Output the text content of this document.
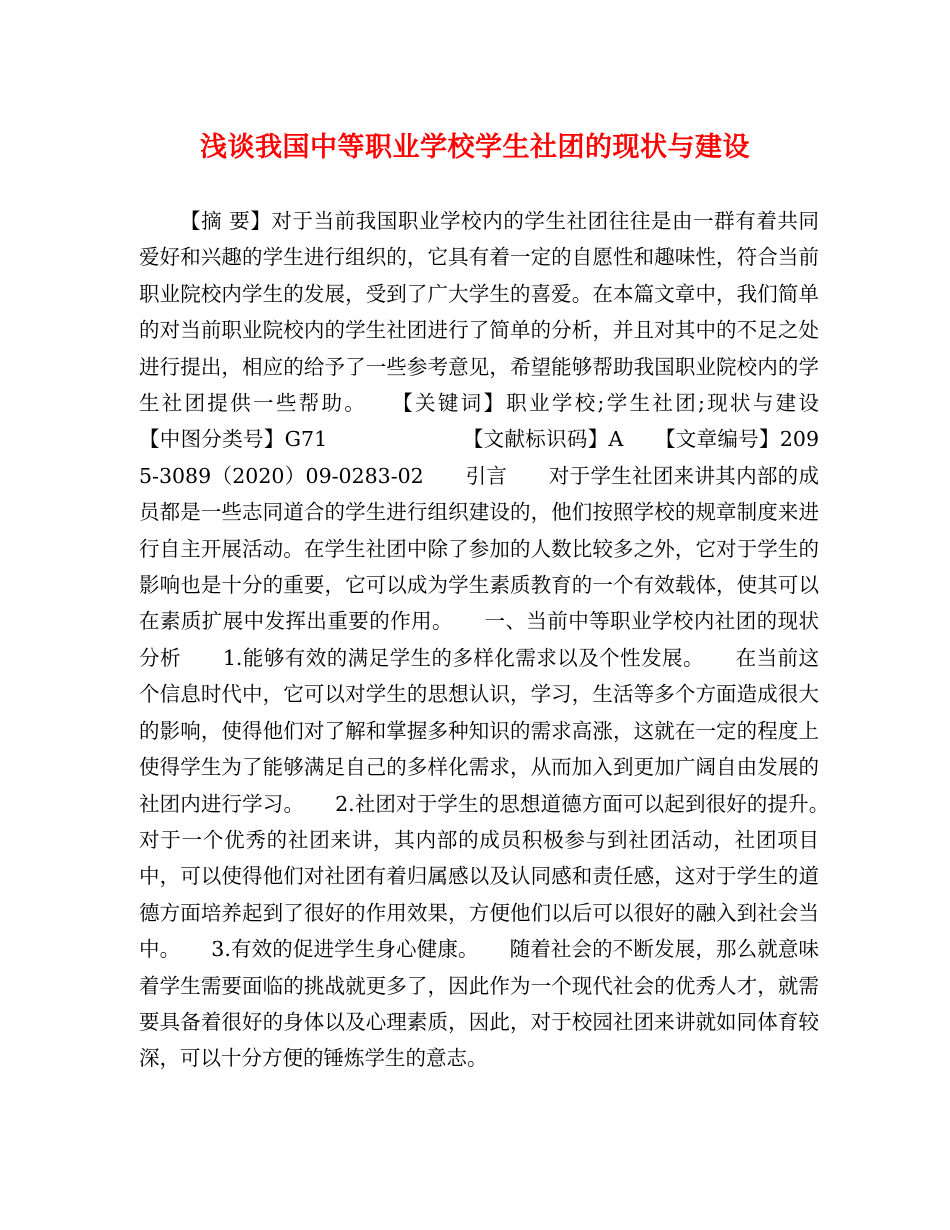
浅谈我国中等职业学校学生社团的现状与建设

【摘 要】对于当前我国职业学校内的学生社团往往是由一群有着共同爱好和兴趣的学生进行组织的，它具有着一定的自愿性和趣味性，符合当前职业院校内学生的发展，受到了广大学生的喜爱。在本篇文章中，我们简单的对当前职业院校内的学生社团进行了简单的分析，并且对其中的不足之处进行提出，相应的给予了一些参考意见，希望能够帮助我国职业院校内的学生社团提供一些帮助。　　【关键词】职业学校;学生社团;现状与建设　　【中图分类号】G71　　　　　　　【文献标识码】A　　【文章编号】2095-3089（2020）09-0283-02　　引言　　对于学生社团来讲其内部的成员都是一些志同道合的学生进行组织建设的，他们按照学校的规章制度来进行自主开展活动。在学生社团中除了参加的人数比较多之外，它对于学生的影响也是十分的重要，它可以成为学生素质教育的一个有效载体，使其可以在素质扩展中发挥出重要的作用。　　一、当前中等职业学校内社团的现状分析　　1.能够有效的满足学生的多样化需求以及个性发展。　　在当前这个信息时代中，它可以对学生的思想认识，学习，生活等多个方面造成很大的影响，使得他们对了解和掌握多种知识的需求高涨，这就在一定的程度上使得学生为了能够满足自己的多样化需求，从而加入到更加广阔自由发展的社团内进行学习。　　2.社团对于学生的思想道德方面可以起到很好的提升。　　对于一个优秀的社团来讲，其内部的成员积极参与到社团活动，社团项目中，可以使得他们对社团有着归属感以及认同感和责任感，这对于学生的道德方面培养起到了很好的作用效果，方便他们以后可以很好的融入到社会当中。　　3.有效的促进学生身心健康。　　随着社会的不断发展，那么就意味着学生需要面临的挑战就更多了，因此作为一个现代社会的优秀人才，就需要具备着很好的身体以及心理素质，因此，对于校园社团来讲就如同体育较深，可以十分方便的锤炼学生的意志。
